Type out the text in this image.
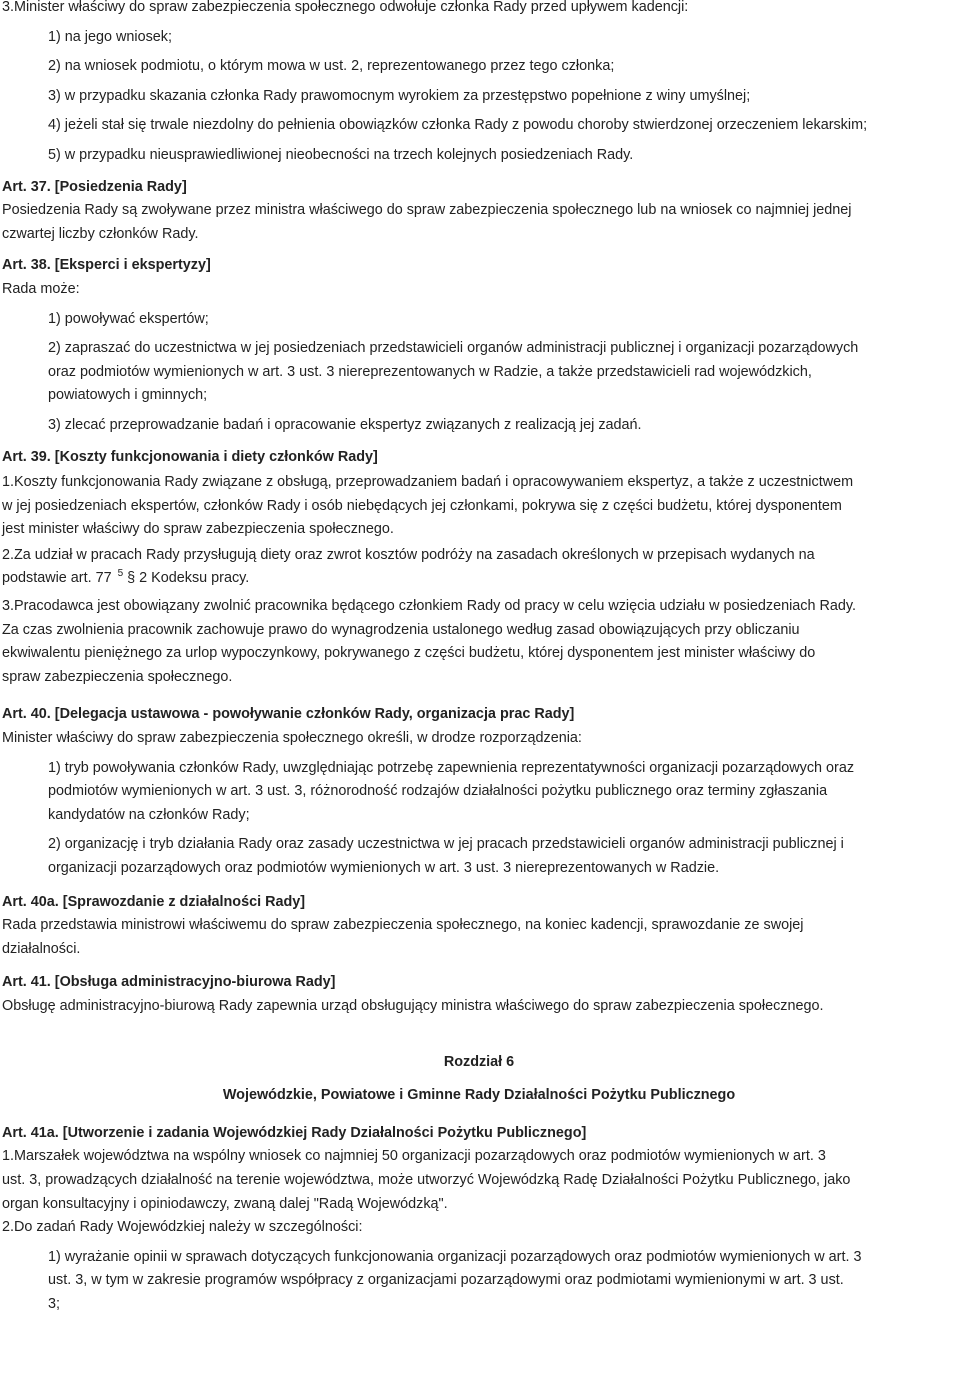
3.Minister właściwy do spraw zabezpieczenia społecznego odwołuje członka Rady przed upływem kadencji:
1) na jego wniosek;
2) na wniosek podmiotu, o którym mowa w ust. 2, reprezentowanego przez tego członka;
3) w przypadku skazania członka Rady prawomocnym wyrokiem za przestępstwo popełnione z winy umyślnej;
4) jeżeli stał się trwale niezdolny do pełnienia obowiązków członka Rady z powodu choroby stwierdzonej orzeczeniem lekarskim;
5) w przypadku nieusprawiedliwionej nieobecności na trzech kolejnych posiedzeniach Rady.
Art. 37. [Posiedzenia Rady]
Posiedzenia Rady są zwoływane przez ministra właściwego do spraw zabezpieczenia społecznego lub na wniosek co najmniej jednej
czwartej liczby członków Rady.
Art. 38. [Eksperci i ekspertyzy]
Rada może:
1) powoływać ekspertów;
2) zapraszać do uczestnictwa w jej posiedzeniach przedstawicieli organów administracji publicznej i organizacji pozarządowych
oraz podmiotów wymienionych w art. 3 ust. 3 niereprezentowanych w Radzie, a także przedstawicieli rad wojewódzkich,
powiatowych i gminnych;
3) zlecać przeprowadzanie badań i opracowanie ekspertyz związanych z realizacją jej zadań.
Art. 39. [Koszty funkcjonowania i diety członków Rady]
1.Koszty funkcjonowania Rady związane z obsługą, przeprowadzaniem badań i opracowywaniem ekspertyz, a także z uczestnictwem
w jej posiedzeniach ekspertów, członków Rady i osób niebędących jej członkami, pokrywa się z części budżetu, której dysponentem
jest minister właściwy do spraw zabezpieczenia społecznego.
2.Za udział w pracach Rady przysługują diety oraz zwrot kosztów podróży na zasadach określonych w przepisach wydanych na
podstawie art. 77 $^5$ § 2 Kodeksu pracy.
3.Pracodawca jest obowiązany zwolnić pracownika będącego członkiem Rady od pracy w celu wzięcia udziału w posiedzeniach Rady.
Za czas zwolnienia pracownik zachowuje prawo do wynagrodzenia ustalonego według zasad obowiązujących przy obliczaniu
ekwiwalentu pieniężnego za urlop wypoczynkowy, pokrywanego z części budżetu, której dysponentem jest minister właściwy do
spraw zabezpieczenia społecznego.
Art. 40. [Delegacja ustawowa - powoływanie członków Rady, organizacja prac Rady]
Minister właściwy do spraw zabezpieczenia społecznego określi, w drodze rozporządzenia:
1) tryb powoływania członków Rady, uwzględniając potrzebę zapewnienia reprezentatywności organizacji pozarządowych oraz
podmiotów wymienionych w art. 3 ust. 3, różnorodność rodzajów działalności pożytku publicznego oraz terminy zgłaszania
kandydatów na członków Rady;
2) organizację i tryb działania Rady oraz zasady uczestnictwa w jej pracach przedstawicieli organów administracji publicznej i
organizacji pozarządowych oraz podmiotów wymienionych w art. 3 ust. 3 niereprezentowanych w Radzie.
Art. 40a. [Sprawozdanie z działalności Rady]
Rada przedstawia ministrowi właściwemu do spraw zabezpieczenia społecznego, na koniec kadencji, sprawozdanie ze swojej
działalności.
Art. 41. [Obsługa administracyjno-biurowa Rady]
Obsługę administracyjno-biurową Rady zapewnia urząd obsługujący ministra właściwego do spraw zabezpieczenia społecznego.
Rozdział 6
Wojewódzkie, Powiatowe i Gminne Rady Działalności Pożytku Publicznego
Art. 41a. [Utworzenie i zadania Wojewódzkiej Rady Działalności Pożytku Publicznego]
1.Marszałek województwa na wspólny wniosek co najmniej 50 organizacji pozarządowych oraz podmiotów wymienionych w art. 3
ust. 3, prowadzących działalność na terenie województwa, może utworzyć Wojewódzką Radę Działalności Pożytku Publicznego, jako
organ konsultacyjny i opiniodawczy, zwaną dalej "Radą Wojewódzką".
2.Do zadań Rady Wojewódzkiej należy w szczególności:
1) wyrażanie opinii w sprawach dotyczących funkcjonowania organizacji pozarządowych oraz podmiotów wymienionych w art. 3
ust. 3, w tym w zakresie programów współpracy z organizacjami pozarządowymi oraz podmiotami wymienionymi w art. 3 ust.
3;
